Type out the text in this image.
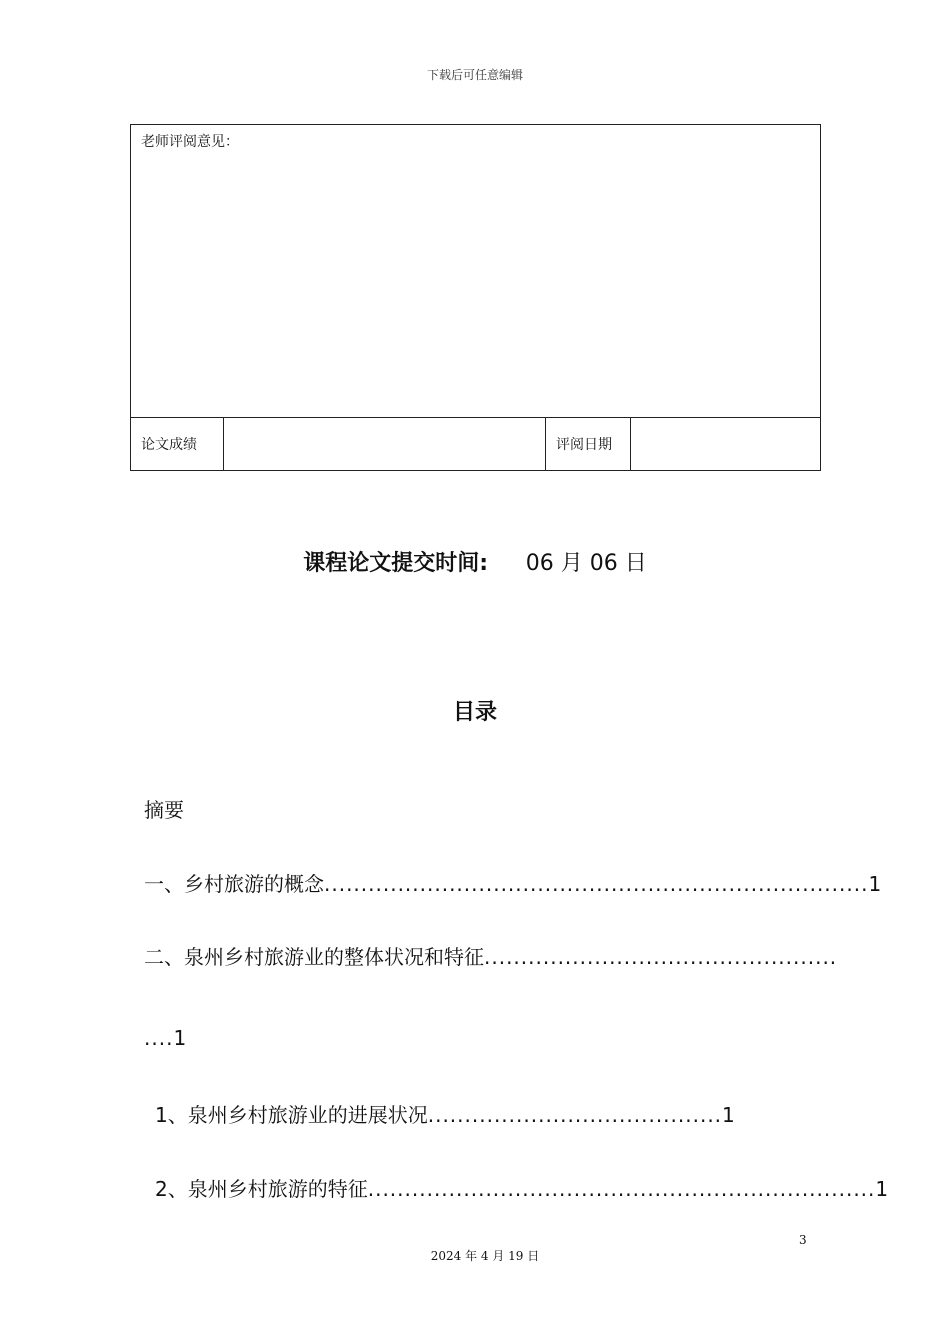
下载后可任意编辑
老师评阅意见：
论文成绩		评阅日期	
课程论文提交时间: 06 月 06 日
目录
摘要
一、乡村旅游的概念..........................................................................1
二、泉州乡村旅游业的整体状况和特征................................................
....1
1、泉州乡村旅游业的进展状况........................................1
2、泉州乡村旅游的特征.....................................................................1
3
2024 年 4 月 19 日
